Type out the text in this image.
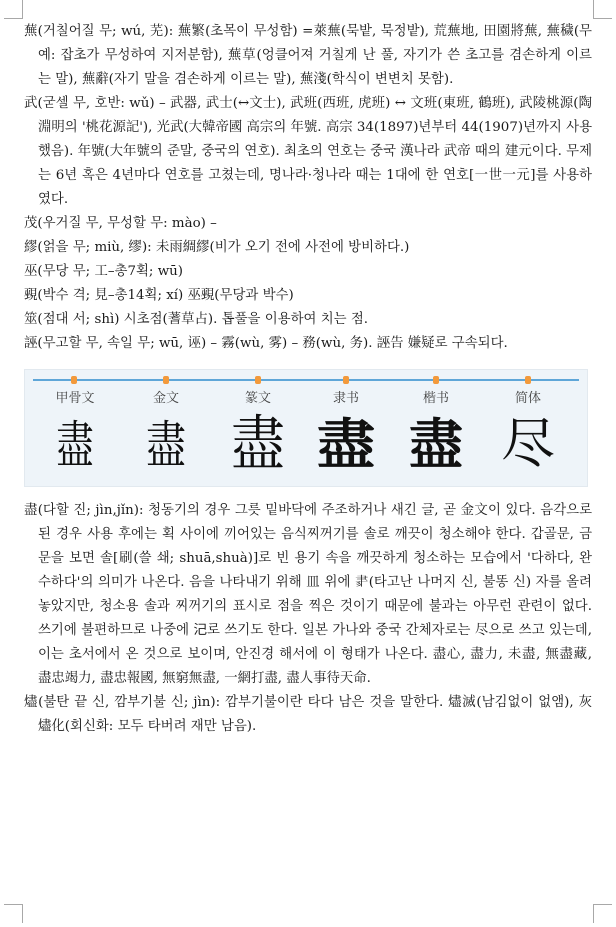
蕪(거칠어질 무; wú, 芜): 蕪繁(초목이 무성함) =萊蕪(묵밭, 묵정밭), 荒蕪地, 田園將蕪, 蕪穢(무예: 잡초가 무성하여 지저분함), 蕪草(엉클어져 거칠게 난 풀, 자기가 쓴 초고를 겸손하게 이르는 말), 蕪辭(자기 말을 겸손하게 이르는 말), 蕪淺(학식이 변변치 못함).

武(굳셀 무, 호반: wǔ) – 武器, 武士(↔文士), 武班(西班, 虎班) ↔ 文班(東班, 鶴班), 武陵桃源(陶淵明의 '桃花源記'), 光武(大韓帝國 高宗의 年號. 高宗 34(1897)년부터 44(1907)년까지 사용했음). 年號(大年號의 준말, 중국의 연호). 최초의 연호는 중국 漢나라 武帝 때의 建元이다. 무제는 6년 혹은 4년마다 연호를 고쳤는데, 명나라·청나라 때는 1대에 한 연호[一世一元]를 사용하였다.

茂(우거질 무, 무성할 무: mào) –

繆(얽을 무; miù, 缪): 未雨綢繆(비가 오기 전에 사전에 방비하다.)

巫(무당 무; 工–총7획; wū)

覡(박수 격; 見–총14획; xí) 巫覡(무당과 박수)

筮(점대 서; shì) 시초점(蓍草占). 톱풀을 이용하여 치는 점.

誣(무고할 무, 속일 무; wū, 诬) – 霧(wù, 雾) – 務(wù, 务). 誣告 嫌疑로 구속되다.

甲骨文
盡
金文
盡
篆文
盡
隶书
盡
楷书
盡
简体
尽

盡(다할 진; jìn,jǐn): 청동기의 경우 그릇 밑바닥에 주조하거나 새긴 글, 곧 金文이 있다. 음각으로 된 경우 사용 후에는 획 사이에 끼어있는 음식찌꺼기를 솔로 깨끗이 청소해야 한다. 갑골문, 금문을 보면 솔[刷(쓸 쇄; shuā,shuà)]로 빈 용기 속을 깨끗하게 청소하는 모습에서 '다하다, 완수하다'의 의미가 나온다. 음을 나타내기 위해 皿 위에 𦘔(타고난 나머지 신, 불똥 신) 자를 올려놓았지만, 청소용 솔과 찌꺼기의 표시로 점을 찍은 것이기 때문에 불과는 아무런 관련이 없다. 쓰기에 불편하므로 나중에 𣲆로 쓰기도 한다. 일본 가나와 중국 간체자로는 尽으로 쓰고 있는데, 이는 초서에서 온 것으로 보이며, 안진경 해서에 이 형태가 나온다. 盡心, 盡力, 未盡, 無盡藏, 盡忠竭力, 盡忠報國, 無窮無盡, 一網打盡, 盡人事待天命.

燼(불탄 끝 신, 깜부기불 신; jìn): 깜부기불이란 타다 남은 것을 말한다. 燼滅(남김없이 없앰), 灰燼化(회신화: 모두 타버려 재만 남음).
